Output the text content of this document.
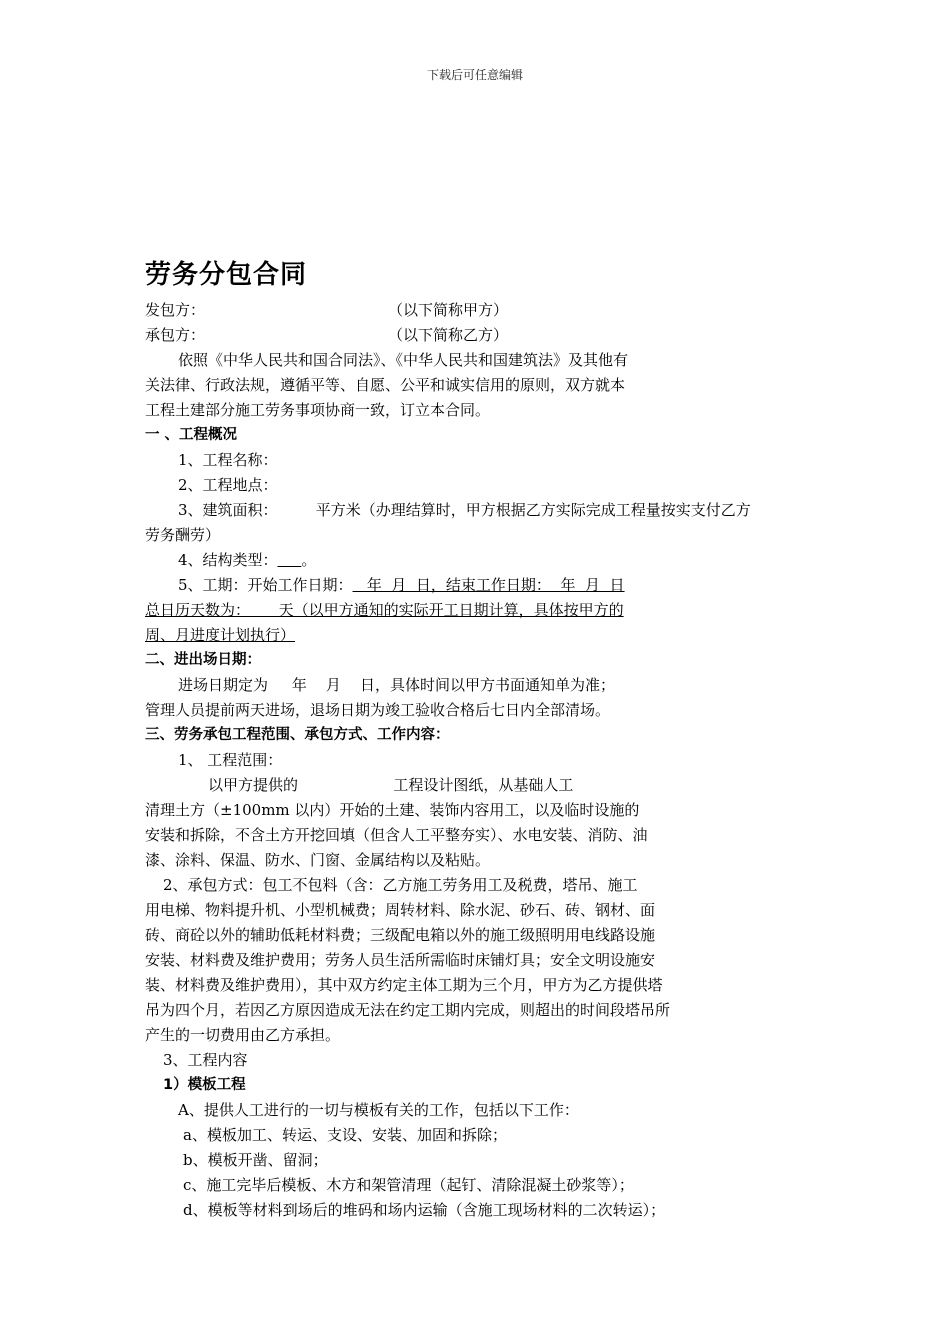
下载后可任意编辑
劳务分包合同
发包方：	（以下简称甲方）
承包方：	（以下简称乙方）
依照《中华人民共和国合同法》、《中华人民共和国建筑法》及其他有
关法律、行政法规，遵循平等、自愿、公平和诚实信用的原则，双方就本
工程土建部分施工劳务事项协商一致，订立本合同。
一 、工程概况
1、工程名称：
2、工程地点：
3、建筑面积：        平方米（办理结算时，甲方根据乙方实际完成工程量按实支付乙方
劳务酬劳）
4、结构类型： 。
5、工期：开始工作日期：   年  月  日，结束工作日期：  年  月  日
总日历天数为：      天（以甲方通知的实际开工日期计算，具体按甲方的
周、月进度计划执行）
二、进出场日期：
进场日期定为     年    月    日，具体时间以甲方书面通知单为准；
管理人员提前两天进场，退场日期为竣工验收合格后七日内全部清场。
三、劳务承包工程范围、承包方式、工作内容：
1、 工程范围：
以甲方提供的                    工程设计图纸，从基础人工
清理土方（±100mm 以内）开始的土建、装饰内容用工，以及临时设施的
安装和拆除，不含土方开挖回填（但含人工平整夯实）、水电安装、消防、油
漆、涂料、保温、防水、门窗、金属结构以及粘贴。
2、承包方式：包工不包料（含：乙方施工劳务用工及税费，塔吊、施工
用电梯、物料提升机、小型机械费；周转材料、除水泥、砂石、砖、钢材、面
砖、商砼以外的辅助低耗材料费；三级配电箱以外的施工级照明用电线路设施
安装、材料费及维护费用；劳务人员生活所需临时床铺灯具；安全文明设施安
装、材料费及维护费用），其中双方约定主体工期为三个月，甲方为乙方提供塔
吊为四个月，若因乙方原因造成无法在约定工期内完成，则超出的时间段塔吊所
产生的一切费用由乙方承担。
3、工程内容
1）模板工程
A、提供人工进行的一切与模板有关的工作，包括以下工作：
a、模板加工、转运、支设、安装、加固和拆除；
b、模板开凿、留洞；
c、施工完毕后模板、木方和架管清理（起钉、清除混凝土砂浆等）；
d、模板等材料到场后的堆码和场内运输（含施工现场材料的二次转运）；
